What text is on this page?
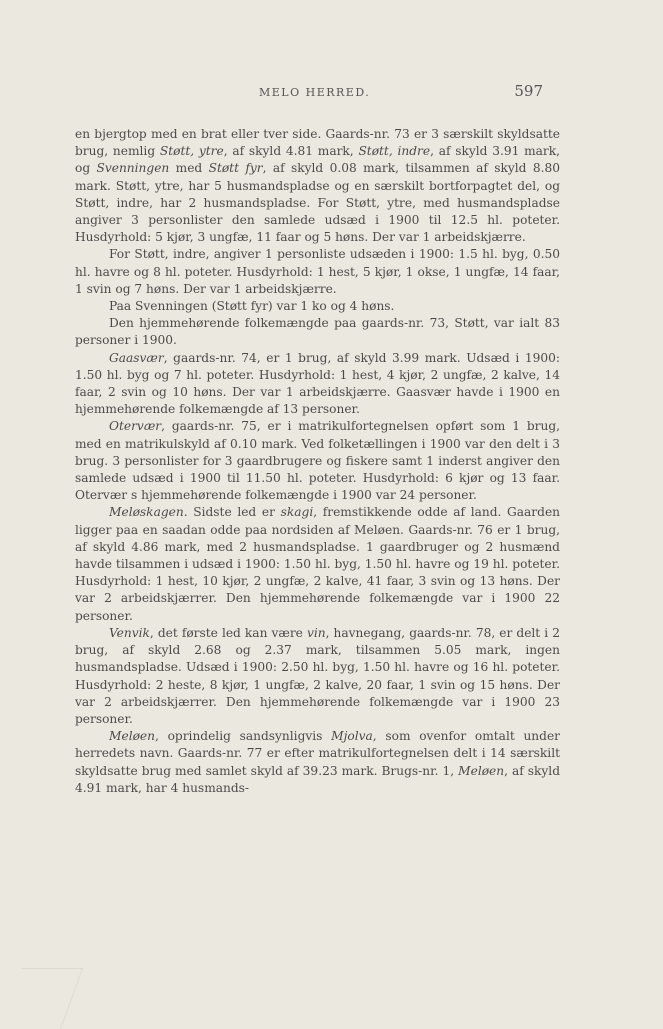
MELO HERRED.	597

en bjergtop med en brat eller tver side. Gaards-nr. 73 er 3 særskilt skyldsatte brug, nemlig Støtt, ytre, af skyld 4.81 mark, Støtt, indre, af skyld 3.91 mark, og Svenningen med Støtt fyr, af skyld 0.08 mark, tilsammen af skyld 8.80 mark. Støtt, ytre, har 5 husmandspladse og en særskilt bortforpagtet del, og Støtt, indre, har 2 husmandspladse. For Støtt, ytre, med husmandspladse angiver 3 personlister den samlede udsæd i 1900 til 12.5 hl. poteter. Husdyrhold: 5 kjør, 3 ungfæ, 11 faar og 5 høns. Der var 1 arbeidskjærre.

For Støtt, indre, angiver 1 personliste udsæden i 1900: 1.5 hl. byg, 0.50 hl. havre og 8 hl. poteter. Husdyrhold: 1 hest, 5 kjør, 1 okse, 1 ungfæ, 14 faar, 1 svin og 7 høns. Der var 1 arbeidskjærre.

Paa Svenningen (Støtt fyr) var 1 ko og 4 høns.

Den hjemmehørende folkemængde paa gaards-nr. 73, Støtt, var ialt 83 personer i 1900.

Gaasvær, gaards-nr. 74, er 1 brug, af skyld 3.99 mark. Udsæd i 1900: 1.50 hl. byg og 7 hl. poteter. Husdyrhold: 1 hest, 4 kjør, 2 ungfæ, 2 kalve, 14 faar, 2 svin og 10 høns. Der var 1 arbeidskjærre. Gaasvær havde i 1900 en hjemmehørende folkemængde af 13 personer.

Otervær, gaards-nr. 75, er i matrikulfortegnelsen opført som 1 brug, med en matrikulskyld af 0.10 mark. Ved folketællingen i 1900 var den delt i 3 brug. 3 personlister for 3 gaardbrugere og fiskere samt 1 inderst angiver den samlede udsæd i 1900 til 11.50 hl. poteter. Husdyrhold: 6 kjør og 13 faar. Otervær s hjemmehørende folkemængde i 1900 var 24 personer.

Meløskagen. Sidste led er skagi, fremstikkende odde af land. Gaarden ligger paa en saadan odde paa nordsiden af Meløen. Gaards-nr. 76 er 1 brug, af skyld 4.86 mark, med 2 husmandspladse. 1 gaardbruger og 2 husmænd havde tilsammen i udsæd i 1900: 1.50 hl. byg, 1.50 hl. havre og 19 hl. poteter. Husdyrhold: 1 hest, 10 kjør, 2 ungfæ, 2 kalve, 41 faar, 3 svin og 13 høns. Der var 2 arbeidskjærrer. Den hjemmehørende folkemængde var i 1900 22 personer.

Venvik, det første led kan være vin, havnegang, gaards-nr. 78, er delt i 2 brug, af skyld 2.68 og 2.37 mark, tilsammen 5.05 mark, ingen husmandspladse. Udsæd i 1900: 2.50 hl. byg, 1.50 hl. havre og 16 hl. poteter. Husdyrhold: 2 heste, 8 kjør, 1 ungfæ, 2 kalve, 20 faar, 1 svin og 15 høns. Der var 2 arbeidskjærrer. Den hjemmehørende folkemængde var i 1900 23 personer.

Meløen, oprindelig sandsynligvis Mjolva, som ovenfor omtalt under herredets navn. Gaards-nr. 77 er efter matrikulfortegnelsen delt i 14 særskilt skyldsatte brug med samlet skyld af 39.23 mark. Brugs-nr. 1, Meløen, af skyld 4.91 mark, har 4 husmands-
